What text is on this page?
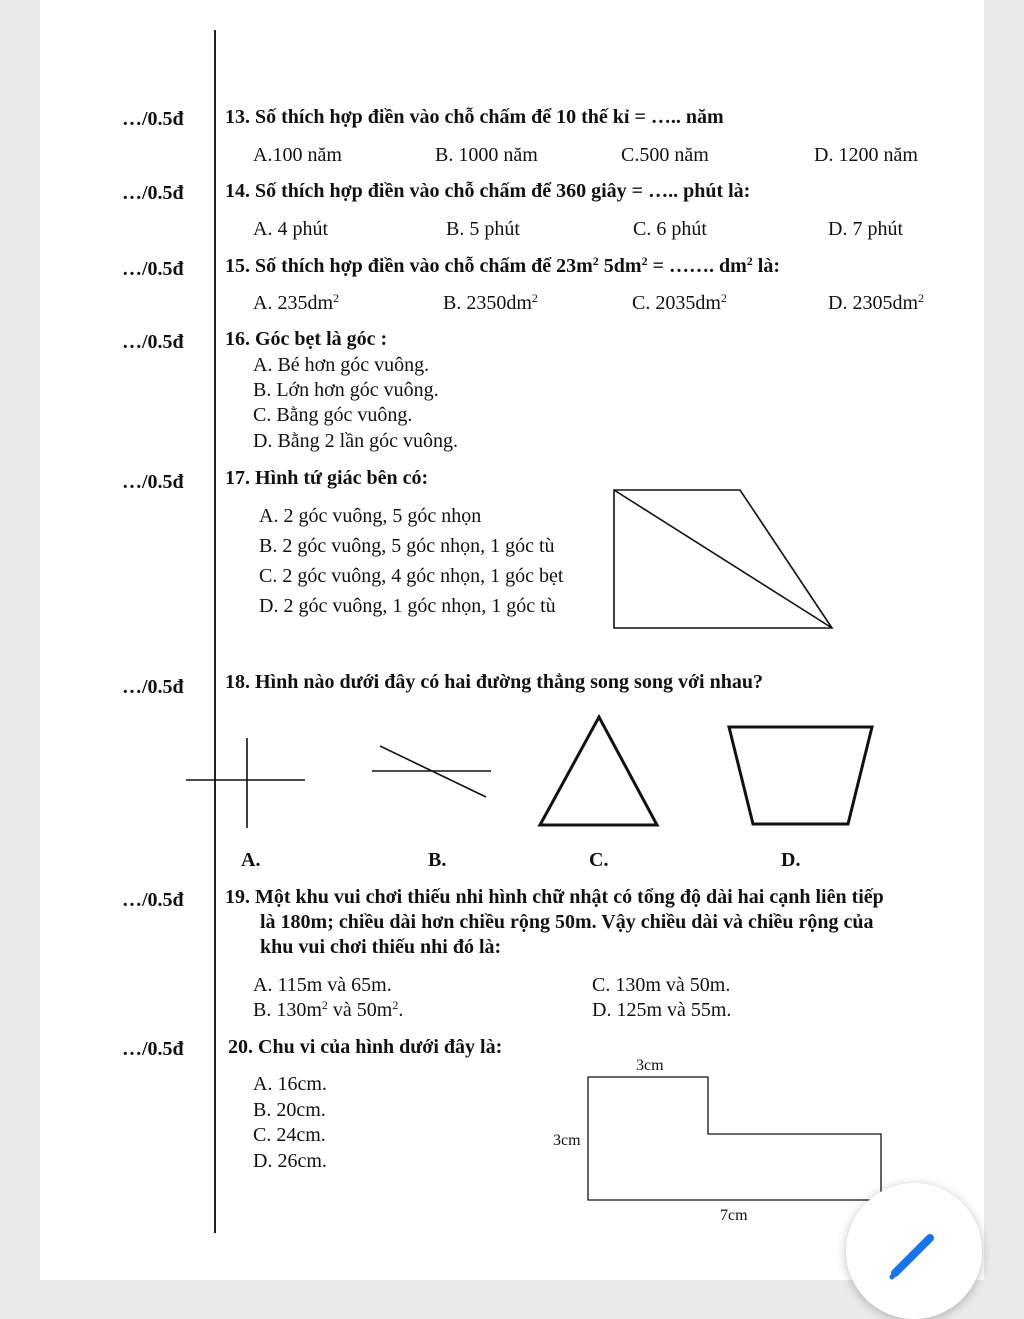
…/0.5đ 13. Số thích hợp điền vào chỗ chấm để 10 thế kỉ = ….. năm
A.100 năm	B. 1000 năm	C.500 năm	D. 1200 năm
…/0.5đ 14. Số thích hợp điền vào chỗ chấm để 360 giây = ….. phút là:
A. 4 phút	B. 5 phút	C. 6 phút	D. 7 phút
…/0.5đ 15. Số thích hợp điền vào chỗ chấm để $23m^2$ $5dm^2$ = ……. $dm^2$ là:
A. $235dm^2$	B. $2350dm^2$	C. $2035dm^2$	D. $2305dm^2$
…/0.5đ 16. Góc bẹt là góc :
A. Bé hơn góc vuông.
B. Lớn hơn góc vuông.
C. Bằng góc vuông.
D. Bằng 2 lần góc vuông.
…/0.5đ 17. Hình tứ giác bên có:
A. 2 góc vuông, 5 góc nhọn
B. 2 góc vuông, 5 góc nhọn, 1 góc tù
C. 2 góc vuông, 4 góc nhọn, 1 góc bẹt
D. 2 góc vuông, 1 góc nhọn, 1 góc tù
…/0.5đ 18. Hình nào dưới đây có hai đường thẳng song song với nhau?
A.	B.	C.	D.
…/0.5đ 19. Một khu vui chơi thiếu nhi hình chữ nhật có tổng độ dài hai cạnh liên tiếp
là 180m; chiều dài hơn chiều rộng 50m. Vậy chiều dài và chiều rộng của
khu vui chơi thiếu nhi đó là:
A. 115m và 65m.
B. $130m^2$ và $50m^2$.
C. 130m và 50m.
D. 125m và 55m.
…/0.5đ 20. Chu vi của hình dưới đây là:
A. 16cm.
B. 20cm.
C. 24cm.
D. 26cm.
3cm
3cm
7cm
